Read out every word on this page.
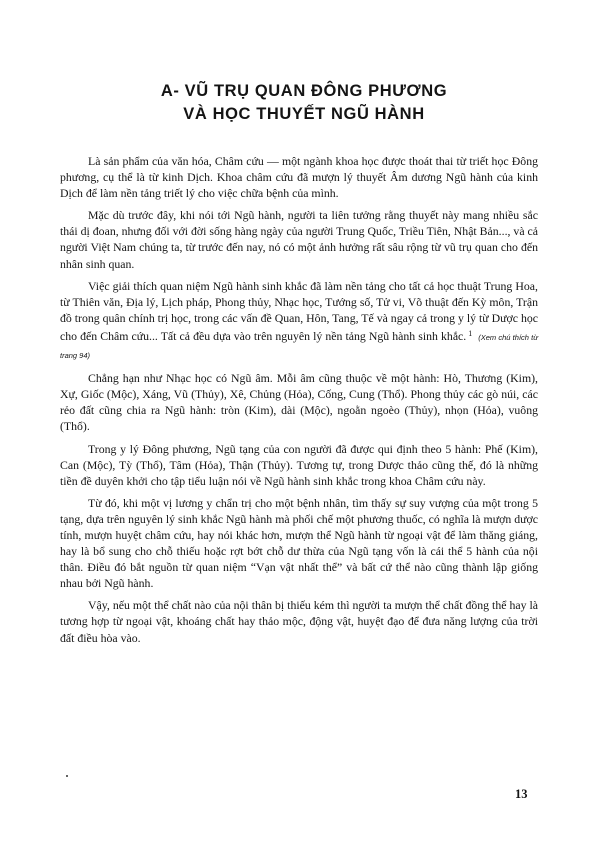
A- VŨ TRỤ QUAN ĐÔNG PHƯƠNG
VÀ HỌC THUYẾT NGŨ HÀNH

Là sản phẩm của văn hóa, Châm cứu — một ngành khoa học được thoát thai từ triết học Đông phương, cụ thể là từ kinh Dịch. Khoa châm cứu đã mượn lý thuyết Âm dương Ngũ hành của kinh Dịch để làm nền tảng triết lý cho việc chữa bệnh của mình.

Mặc dù trước đây, khi nói tới Ngũ hành, người ta liên tưởng rằng thuyết này mang nhiều sắc thái dị đoan, nhưng đối với đời sống hàng ngày của người Trung Quốc, Triều Tiên, Nhật Bản..., và cả người Việt Nam chúng ta, từ trước đến nay, nó có một ảnh hưởng rất sâu rộng từ vũ trụ quan cho đến nhân sinh quan.

Việc giải thích quan niệm Ngũ hành sinh khắc đã làm nền tảng cho tất cả học thuật Trung Hoa, từ Thiên văn, Địa lý, Lịch pháp, Phong thủy, Nhạc học, Tướng số, Tử vi, Võ thuật đến Kỳ môn, Trận đồ trong quân chính trị học, trong các vấn đề Quan, Hôn, Tang, Tế và ngay cả trong y lý từ Dược học cho đến Châm cứu... Tất cả đều dựa vào trên nguyên lý nền tảng Ngũ hành sinh khắc. $^1$ (Xem chú thích từ trang 94)

Chẳng hạn như Nhạc học có Ngũ âm. Mỗi âm cũng thuộc về một hành: Hò, Thương (Kim), Xự, Giốc (Mộc), Xáng, Vũ (Thủy), Xê, Chủng (Hỏa), Cống, Cung (Thổ). Phong thủy các gò núi, các rẻo đất cũng chia ra Ngũ hành: tròn (Kim), dài (Mộc), ngoằn ngoèo (Thủy), nhọn (Hỏa), vuông (Thổ).

Trong y lý Đông phương, Ngũ tạng của con người đã được qui định theo 5 hành: Phế (Kim), Can (Mộc), Tỳ (Thổ), Tâm (Hỏa), Thận (Thủy). Tương tự, trong Dược thảo cũng thế, đó là những tiền đề duyên khởi cho tập tiểu luận nói về Ngũ hành sinh khắc trong khoa Châm cứu này.

Từ đó, khi một vị lương y chẩn trị cho một bệnh nhân, tìm thấy sự suy vượng của một trong 5 tạng, dựa trên nguyên lý sinh khắc Ngũ hành mà phối chế một phương thuốc, có nghĩa là mượn dược tính, mượn huyệt châm cứu, hay nói khác hơn, mượn thể Ngũ hành từ ngoại vật để làm thăng giáng, hay là bổ sung cho chỗ thiếu hoặc rợt bớt chỗ dư thừa của Ngũ tạng vốn là cái thể 5 hành của nội thân. Điều đó bắt nguồn từ quan niệm “Vạn vật nhất thể” và bất cứ thể nào cũng thành lập giống nhau bởi Ngũ hành.

Vậy, nếu một thể chất nào của nội thân bị thiếu kém thì người ta mượn thể chất đồng thể hay là tương hợp từ ngoại vật, khoáng chất hay thảo mộc, động vật, huyệt đạo để đưa năng lượng của trời đất điều hòa vào.

13
